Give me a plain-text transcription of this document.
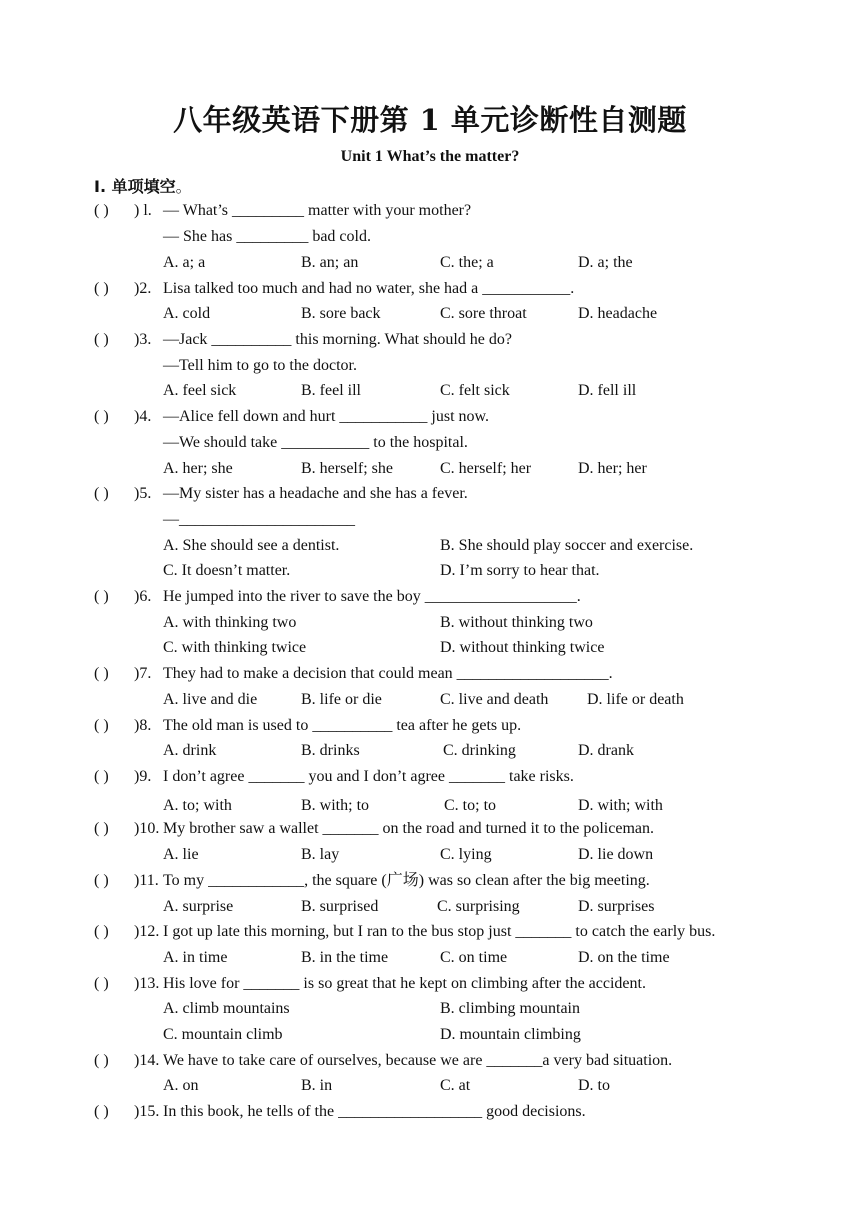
八年级英语下册第 1 单元诊断性自测题
Unit 1 What’s the matter?
I. 单项填空。
( ) ) l. — What’s _________ matter with your mother?
— She has _________ bad cold.
A. a; a	B. an; an	C. the; a	D. a; the
( ) )2. Lisa talked too much and had no water, she had a ___________.
A. cold	B. sore back	C. sore throat	D. headache
( ) )3. —Jack __________ this morning. What should he do?
—Tell him to go to the doctor.
A. feel sick	B. feel ill	C. felt sick	D. fell ill
( ) )4. —Alice fell down and hurt ___________ just now.
—We should take ___________ to the hospital.
A. her; she	B. herself; she	C. herself; her	D. her; her
( ) )5. —My sister has a headache and she has a fever.
—______________________
A. She should see a dentist.	B. She should play soccer and exercise.
C. It doesn’t matter.	D. I’m sorry to hear that.
( ) )6. He jumped into the river to save the boy ___________________.
A. with thinking two	B. without thinking two
C. with thinking twice	D. without thinking twice
( ) )7. They had to make a decision that could mean ___________________.
A. live and die	B. life or die	C. live and death D. life or death
( ) )8. The old man is used to __________ tea after he gets up.
A. drink	B. drinks	C. drinking	D. drank
( ) )9. I don’t agree _______ you and I don’t agree _______ take risks.
A. to; with	B. with; to	C. to; to	D. with; with
( ) )10. My brother saw a wallet _______ on the road and turned it to the policeman.
A. lie	B. lay	C. lying	D. lie down
( ) )11. To my ____________, the square (广场) was so clean after the big meeting.
A. surprise	B. surprised	C. surprising	D. surprises
( ) )12. I got up late this morning, but I ran to the bus stop just _______ to catch the early bus.
A. in time	B. in the time	C. on time	D. on the time
( ) )13. His love for _______ is so great that he kept on climbing after the accident.
A. climb mountains	B. climbing mountain
C. mountain climb	D. mountain climbing
( ) )14. We have to take care of ourselves, because we are _______a very bad situation.
A. on	B. in	C. at	D. to
( ) )15. In this book, he tells of the __________________ good decisions.
